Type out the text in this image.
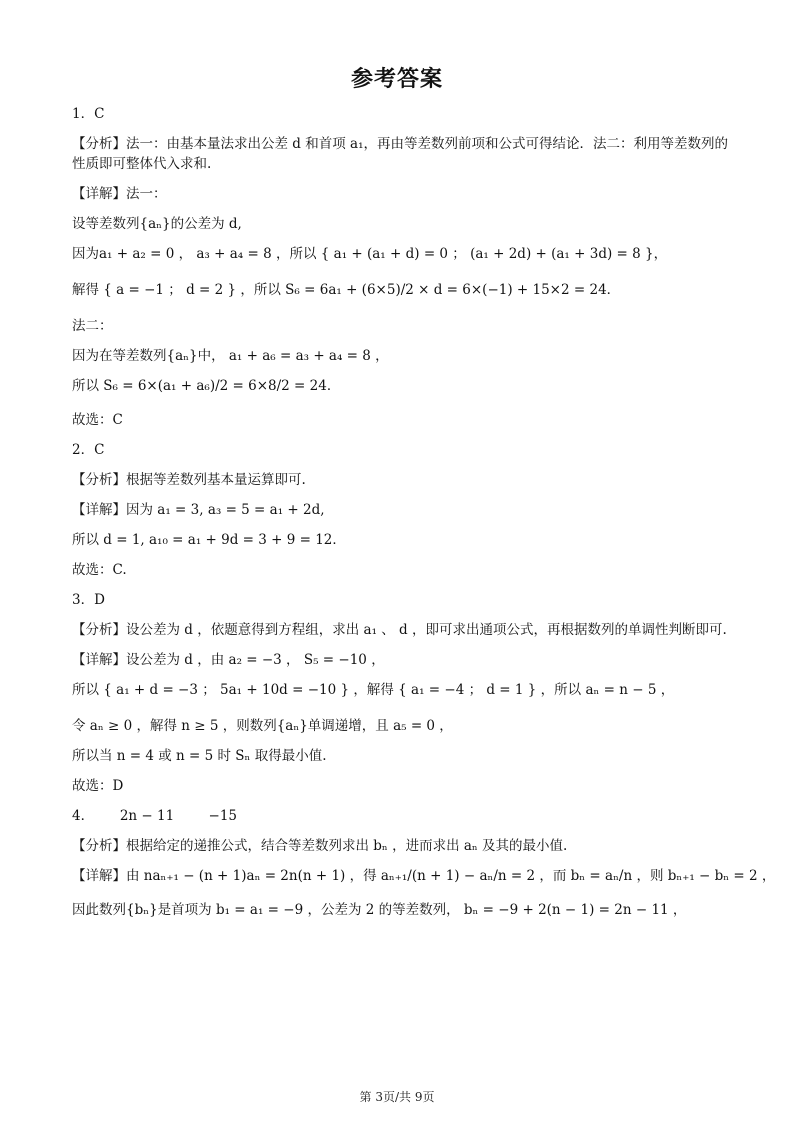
参考答案
1．C
【分析】法一：由基本量法求出公差 d 和首项 a₁，再由等差数列前项和公式可得结论．法二：利用等差数列的性质即可整体代入求和.
【详解】法一：
设等差数列{aₙ}的公差为 d,
因为a₁ + a₂ = 0 ， a₃ + a₄ = 8 ，所以 { a₁ + (a₁ + d) = 0 ； (a₁ + 2d) + (a₁ + 3d) = 8 }，
解得 { a = −1 ； d = 2 } ，所以 S₆ = 6a₁ + (6×5)/2 × d = 6×(−1) + 15×2 = 24．
法二：
因为在等差数列{aₙ}中， a₁ + a₆ = a₃ + a₄ = 8 ，
所以 S₆ = 6×(a₁ + a₆)/2 = 6×8/2 = 24．
故选：C
2．C
【分析】根据等差数列基本量运算即可.
【详解】因为 a₁ = 3, a₃ = 5 = a₁ + 2d,
所以 d = 1, a₁₀ = a₁ + 9d = 3 + 9 = 12．
故选：C.
3．D
【分析】设公差为 d ，依题意得到方程组，求出 a₁ 、 d ，即可求出通项公式，再根据数列的单调性判断即可.
【详解】设公差为 d ，由 a₂ = −3 ， S₅ = −10 ，
所以 { a₁ + d = −3 ； 5a₁ + 10d = −10 } ，解得 { a₁ = −4 ； d = 1 } ，所以 aₙ = n − 5 ，
令 aₙ ≥ 0 ，解得 n ≥ 5 ，则数列{aₙ}单调递增，且 a₅ = 0 ，
所以当 n = 4 或 n = 5 时 Sₙ 取得最小值.
故选：D
4．      2n − 11        −15
【分析】根据给定的递推公式，结合等差数列求出 bₙ ，进而求出 aₙ 及其的最小值.
【详解】由 naₙ₊₁ − (n + 1)aₙ = 2n(n + 1) ，得 aₙ₊₁/(n + 1) − aₙ/n = 2 ，而 bₙ = aₙ/n ，则 bₙ₊₁ − bₙ = 2 ，
因此数列{bₙ}是首项为 b₁ = a₁ = −9 ，公差为 2 的等差数列， bₙ = −9 + 2(n − 1) = 2n − 11 ，
第 3页/共 9页
